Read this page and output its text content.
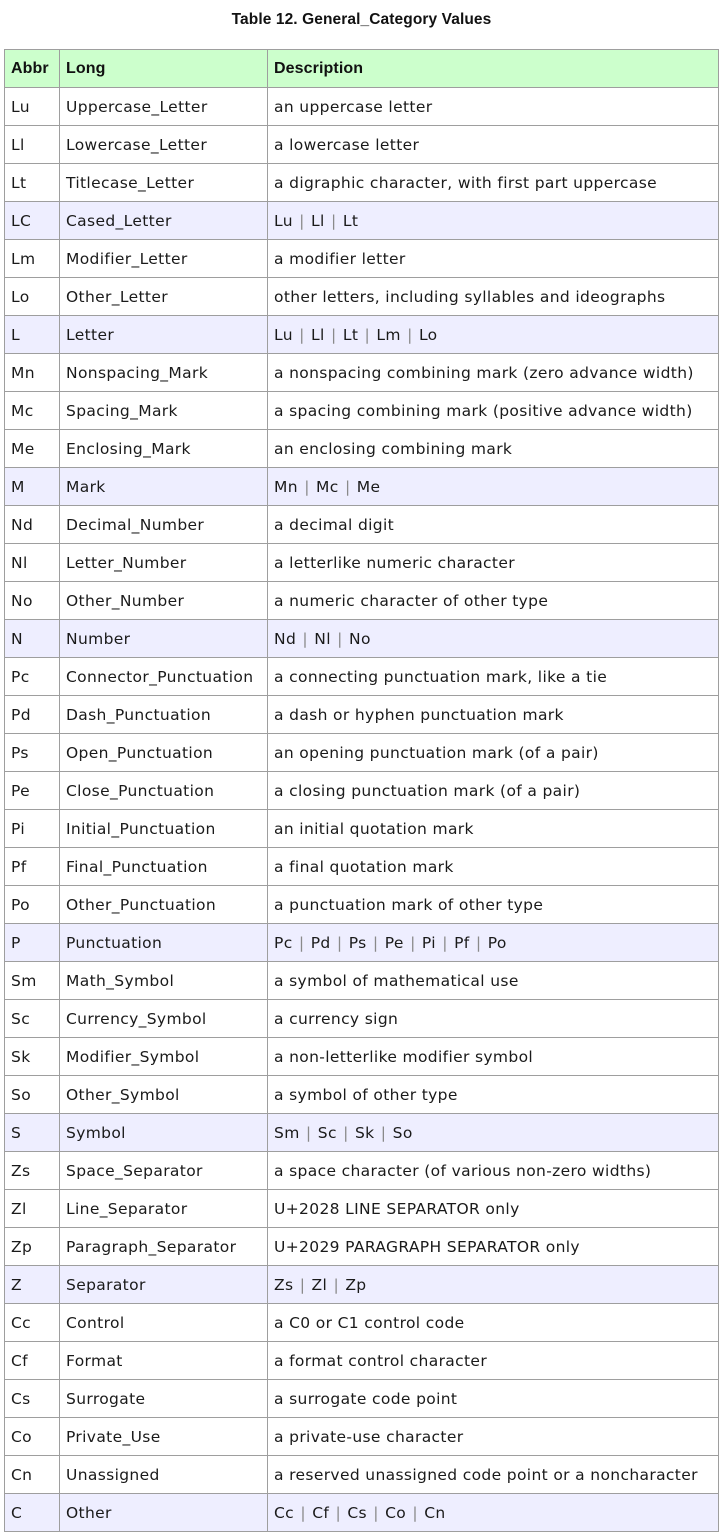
Table 12. General_Category Values
Abbr	Long	Description
Lu	Uppercase_Letter	an uppercase letter
Ll	Lowercase_Letter	a lowercase letter
Lt	Titlecase_Letter	a digraphic character, with first part uppercase
LC	Cased_Letter	Lu | Ll | Lt
Lm	Modifier_Letter	a modifier letter
Lo	Other_Letter	other letters, including syllables and ideographs
L	Letter	Lu | Ll | Lt | Lm | Lo
Mn	Nonspacing_Mark	a nonspacing combining mark (zero advance width)
Mc	Spacing_Mark	a spacing combining mark (positive advance width)
Me	Enclosing_Mark	an enclosing combining mark
M	Mark	Mn | Mc | Me
Nd	Decimal_Number	a decimal digit
Nl	Letter_Number	a letterlike numeric character
No	Other_Number	a numeric character of other type
N	Number	Nd | Nl | No
Pc	Connector_Punctuation	a connecting punctuation mark, like a tie
Pd	Dash_Punctuation	a dash or hyphen punctuation mark
Ps	Open_Punctuation	an opening punctuation mark (of a pair)
Pe	Close_Punctuation	a closing punctuation mark (of a pair)
Pi	Initial_Punctuation	an initial quotation mark
Pf	Final_Punctuation	a final quotation mark
Po	Other_Punctuation	a punctuation mark of other type
P	Punctuation	Pc | Pd | Ps | Pe | Pi | Pf | Po
Sm	Math_Symbol	a symbol of mathematical use
Sc	Currency_Symbol	a currency sign
Sk	Modifier_Symbol	a non-letterlike modifier symbol
So	Other_Symbol	a symbol of other type
S	Symbol	Sm | Sc | Sk | So
Zs	Space_Separator	a space character (of various non-zero widths)
Zl	Line_Separator	U+2028 LINE SEPARATOR only
Zp	Paragraph_Separator	U+2029 PARAGRAPH SEPARATOR only
Z	Separator	Zs | Zl | Zp
Cc	Control	a C0 or C1 control code
Cf	Format	a format control character
Cs	Surrogate	a surrogate code point
Co	Private_Use	a private-use character
Cn	Unassigned	a reserved unassigned code point or a noncharacter
C	Other	Cc | Cf | Cs | Co | Cn
